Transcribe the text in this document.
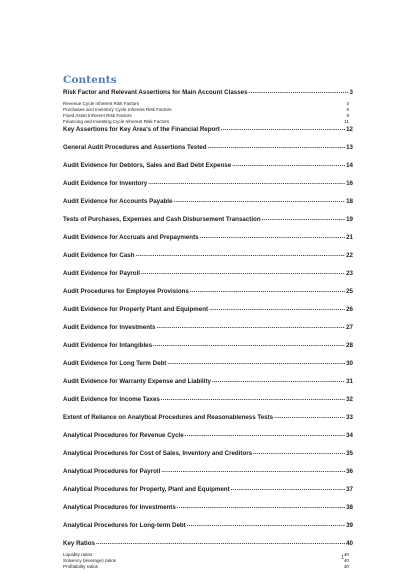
Contents
Risk Factor and Relevant Assertions for Main Account Classes .....	3
Revenue Cycle Inherent Risk Factors	3
Purchases and Inventory Cycle Inherent Risk Factors	6
Fixed Asset Inherent Risk Factors	9
Financing and Investing Cycle Inherent Risk Factors	11
Key Assertions for Key Area's of the Financial Report .....	12
General Audit Procedures and Assertions Tested .....	13
Audit Evidence for Debtors, Sales and Bad Debt Expense .....	14
Audit Evidence for Inventory .....	16
Audit Evidence for Accounts Payable .....	18
Tests of Purchases, Expenses and Cash Disbursement Transaction .....	19
Audit Evidence for Accruals and Prepayments .....	21
Audit Evidence for Cash .....	22
Audit Evidence for Payroll .....	23
Audit Procedures for Employee Provisions .....	25
Audit Evidence for Property Plant and Equipment .....	26
Audit Evidence for Investments .....	27
Audit Evidence for Intangibles .....	28
Audit Evidence for Long Term Debt .....	30
Audit Evidence for Warranty Expense and Liability .....	31
Audit Evidence for Income Taxes .....	32
Extent of Reliance on Analytical Procedures and Reasonableness Tests .....	33
Analytical Procedures for Revenue Cycle .....	34
Analytical Procedures for Cost of Sales, Inventory and Creditors .....	35
Analytical Procedures for Payroll .....	36
Analytical Procedures for Property, Plant and Equipment .....	37
Analytical Procedures for Investments .....	38
Analytical Procedures for Long-term Debt .....	39
Key Ratios .....	40
Liquidity ratios	40
Solvency (leverage) ratios	40
Profitability ratios	40
1
